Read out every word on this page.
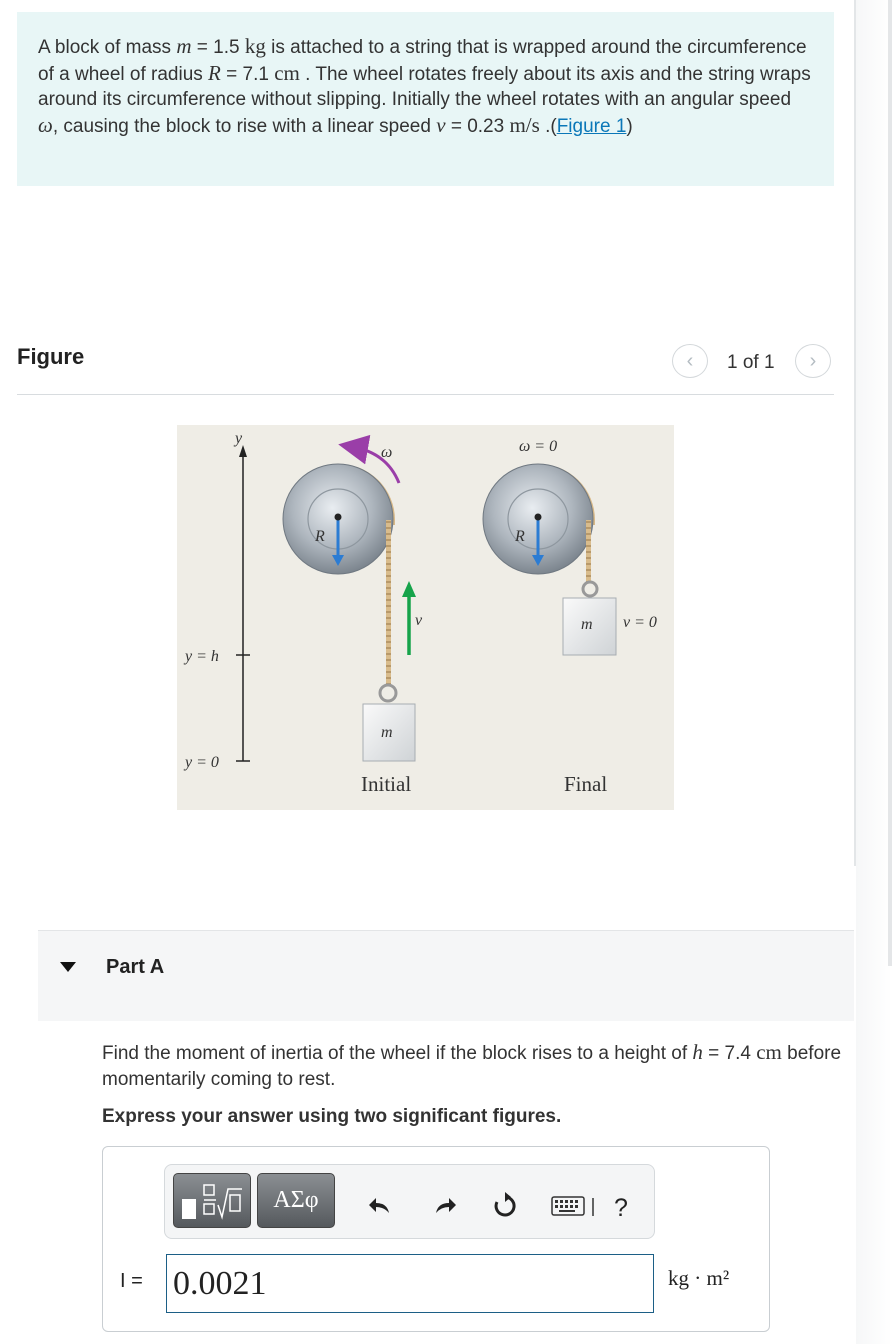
A block of mass m = 1.5 kg is attached to a string that is wrapped around the circumference of a wheel of radius R = 7.1 cm . The wheel rotates freely about its axis and the string wraps around its circumference without slipping. Initially the wheel rotates with an angular speed ω, causing the block to rise with a linear speed v = 0.23 m/s .(Figure 1)

Figure	‹ 1 of 1 ›
y
y = h
y = 0
R
ω
m
v
Initial
R
ω = 0
m v = 0
Final
Part A
Find the moment of inertia of the wheel if the block rises to a height of h = 7.4 cm before momentarily coming to rest.
Express your answer using two significant figures.
ΑΣφ	?
I =
0.0021	kg · m²
